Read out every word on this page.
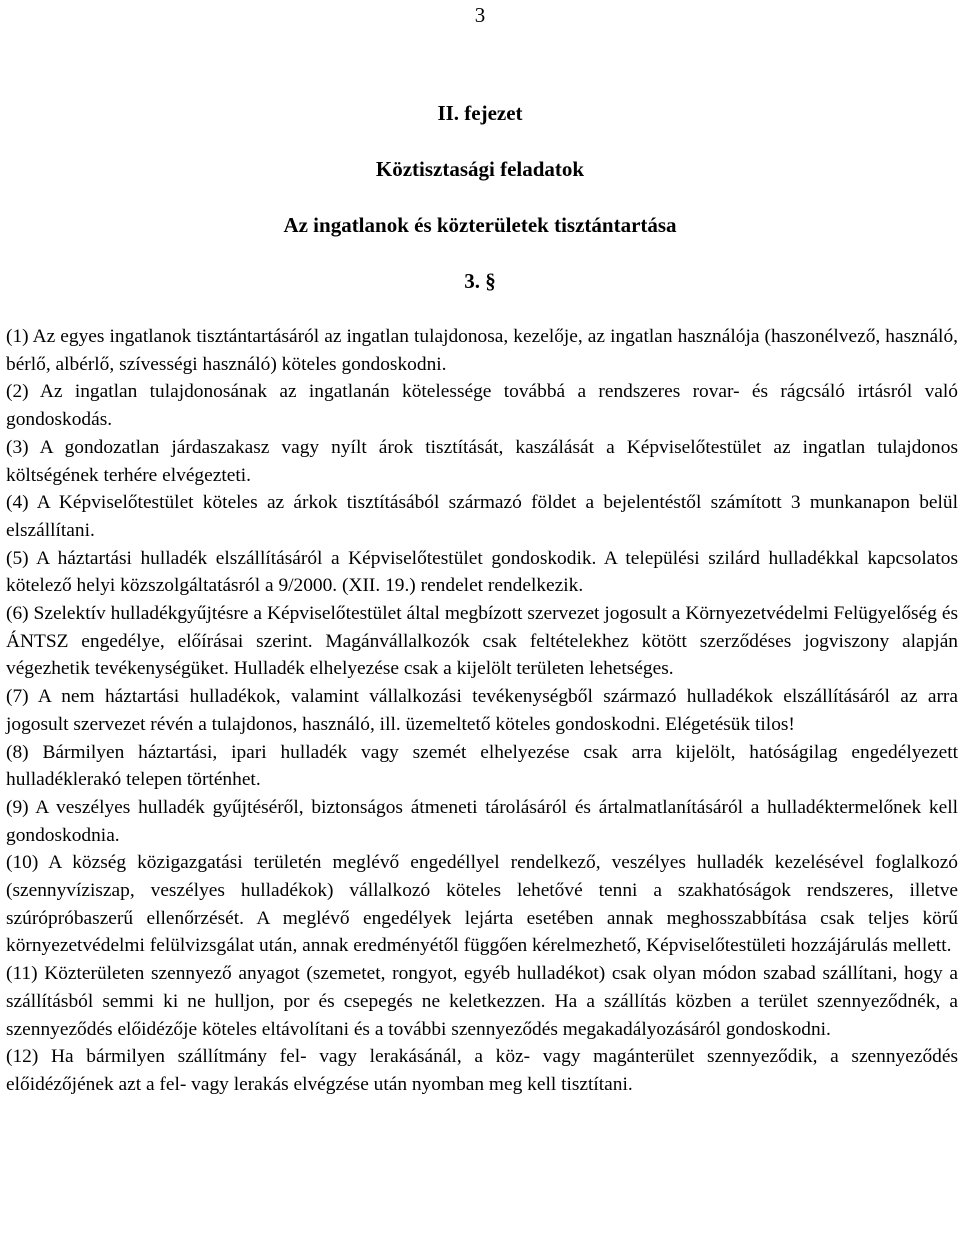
3
II. fejezet
Köztisztasági feladatok
Az ingatlanok és közterületek tisztántartása
3. §

(1) Az egyes ingatlanok tisztántartásáról az ingatlan tulajdonosa, kezelője, az ingatlan használója (haszonélvező, használó, bérlő, albérlő, szívességi használó) köteles gondoskodni.

(2) Az ingatlan tulajdonosának az ingatlanán kötelessége továbbá a rendszeres rovar- és rágcsáló irtásról való gondoskodás.

(3) A gondozatlan járdaszakasz vagy nyílt árok tisztítását, kaszálását a Képviselőtestület az ingatlan tulajdonos költségének terhére elvégezteti.

(4) A Képviselőtestület köteles az árkok tisztításából származó földet a bejelentéstől számított 3 munkanapon belül elszállítani.

(5) A háztartási hulladék elszállításáról a Képviselőtestület gondoskodik. A települési szilárd hulladékkal kapcsolatos kötelező helyi közszolgáltatásról a 9/2000. (XII. 19.) rendelet rendelkezik.

(6) Szelektív hulladékgyűjtésre a Képviselőtestület által megbízott szervezet jogosult a Környezetvédelmi Felügyelőség és ÁNTSZ engedélye, előírásai szerint. Magánvállalkozók csak feltételekhez kötött szerződéses jogviszony alapján végezhetik tevékenységüket. Hulladék elhelyezése csak a kijelölt területen lehetséges.

(7) A nem háztartási hulladékok, valamint vállalkozási tevékenységből származó hulladékok elszállításáról az arra jogosult szervezet révén a tulajdonos, használó, ill. üzemeltető köteles gondoskodni. Elégetésük tilos!

(8) Bármilyen háztartási, ipari hulladék vagy szemét elhelyezése csak arra kijelölt, hatóságilag engedélyezett hulladéklerakó telepen történhet.

(9) A veszélyes hulladék gyűjtéséről, biztonságos átmeneti tárolásáról és ártalmatlanításáról a hulladéktermelőnek kell gondoskodnia.

(10) A község közigazgatási területén meglévő engedéllyel rendelkező, veszélyes hulladék kezelésével foglalkozó (szennyvíziszap, veszélyes hulladékok) vállalkozó köteles lehetővé tenni a szakhatóságok rendszeres, illetve szúrópróbaszerű ellenőrzését. A meglévő engedélyek lejárta esetében annak meghosszabbítása csak teljes körű környezetvédelmi felülvizsgálat után, annak eredményétől függően kérelmezhető, Képviselőtestületi hozzájárulás mellett.

(11) Közterületen szennyező anyagot (szemetet, rongyot, egyéb hulladékot) csak olyan módon szabad szállítani, hogy a szállításból semmi ki ne hulljon, por és csepegés ne keletkezzen. Ha a szállítás közben a terület szennyeződnék, a szennyeződés előidézője köteles eltávolítani és a további szennyeződés megakadályozásáról gondoskodni.

(12) Ha bármilyen szállítmány fel- vagy lerakásánál, a köz- vagy magánterület szennyeződik, a szennyeződés előidézőjének azt a fel- vagy lerakás elvégzése után nyomban meg kell tisztítani.
